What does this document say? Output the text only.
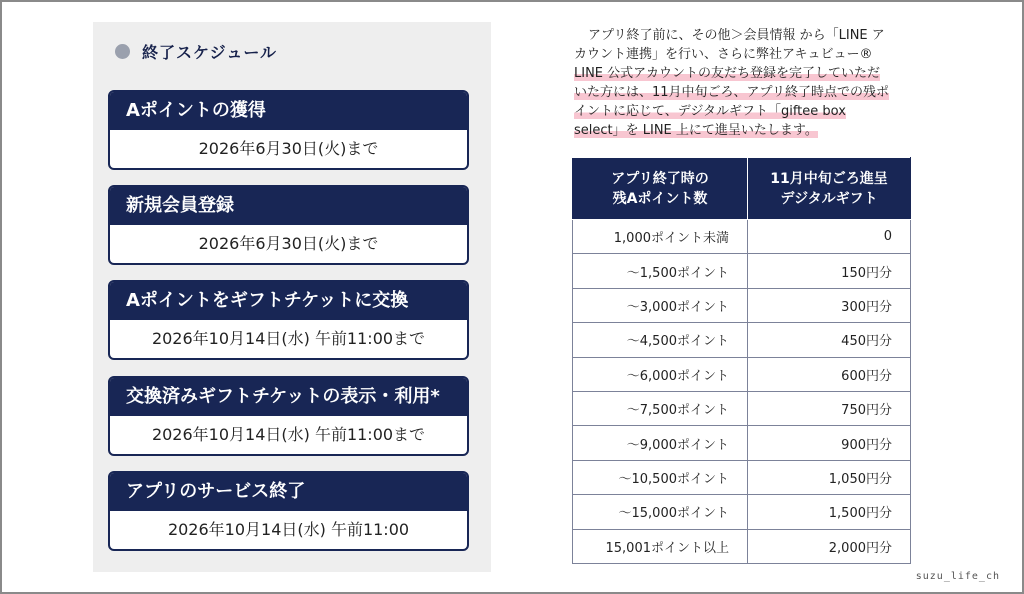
終了スケジュール
Aポイントの獲得
2026年6月30日(火)まで
新規会員登録
2026年6月30日(火)まで
Aポイントをギフトチケットに交換
2026年10月14日(水) 午前11:00まで
交換済みギフトチケットの表示・利用*
2026年10月14日(水) 午前11:00まで
アプリのサービス終了
2026年10月14日(水) 午前11:00
アプリ終了前に、その他＞会員情報 から「LINE ア
カウント連携」を行い、さらに弊社アキュビュー®
LINE 公式アカウントの友だち登録を完了していただ
いた方には、11月中旬ごろ、アプリ終了時点での残ポ
イントに応じて、デジタルギフト「giftee box
select」を LINE 上にて進呈いたします。
アプリ終了時の
残Aポイント数	11月中旬ごろ進呈
デジタルギフト
1,000ポイント未満	0
〜1,500ポイント	150円分
〜3,000ポイント	300円分
〜4,500ポイント	450円分
〜6,000ポイント	600円分
〜7,500ポイント	750円分
〜9,000ポイント	900円分
〜10,500ポイント	1,050円分
〜15,000ポイント	1,500円分
15,001ポイント以上	2,000円分
suzu_life_ch
